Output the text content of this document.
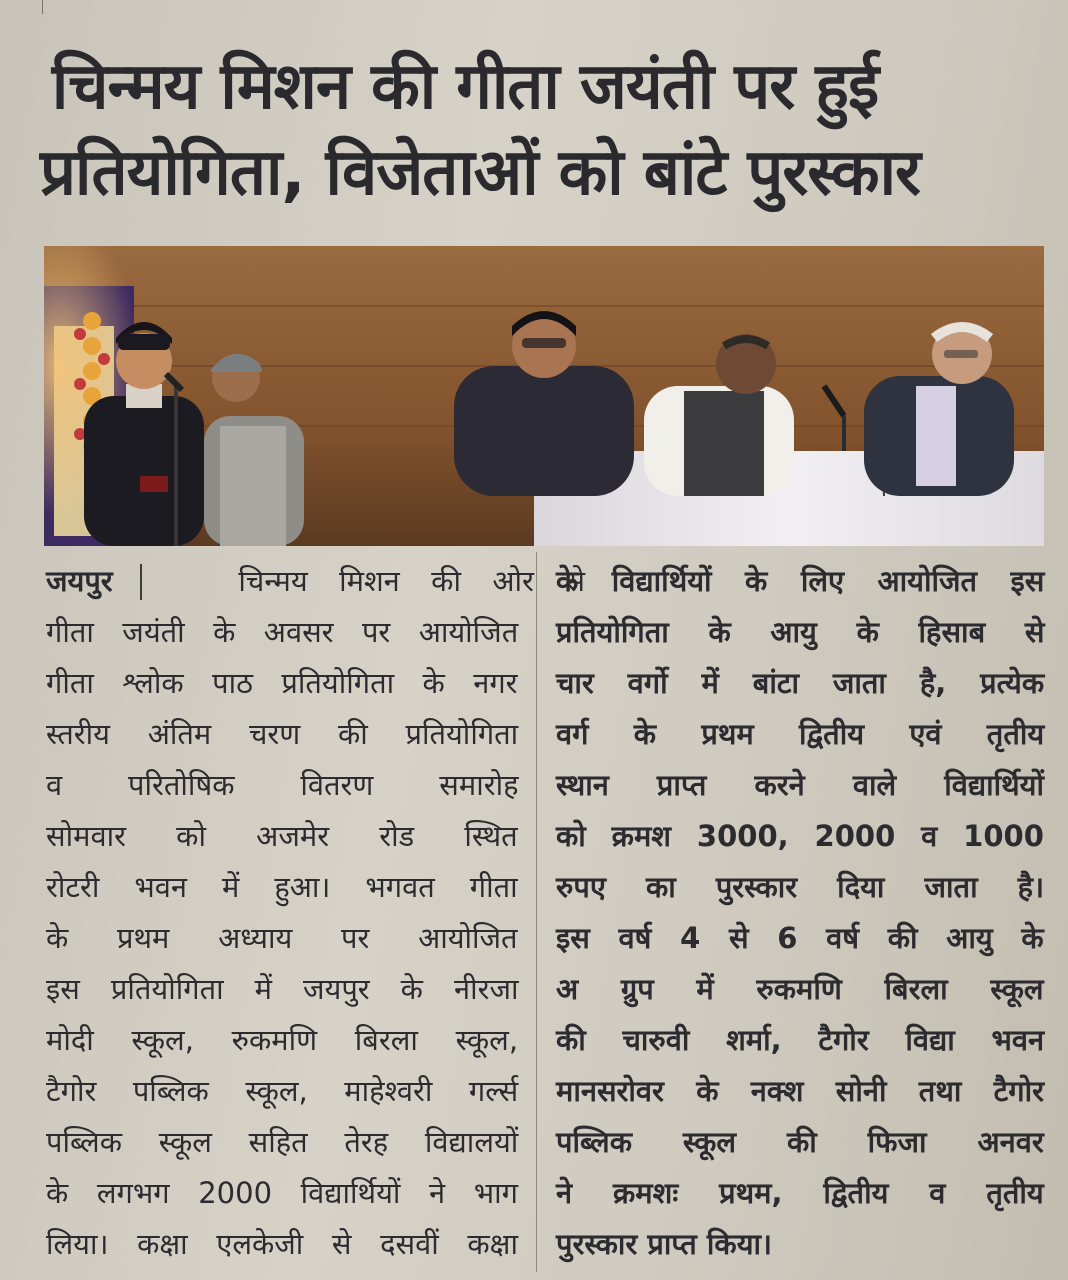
चिन्मय मिशन की गीता जयंती पर हुई
प्रतियोगिता, विजेताओं को बांटे पुरस्कार
जयपुर	चिन्मय मिशन की ओर से
गीता जयंती के अवसर पर आयोजित
गीता श्लोक पाठ प्रतियोगिता के नगर
स्तरीय अंतिम चरण की प्रतियोगिता
व परितोषिक वितरण समारोह
सोमवार को अजमेर रोड स्थित
रोटरी भवन में हुआ। भगवत गीता
के प्रथम अध्याय पर आयोजित
इस प्रतियोगिता में जयपुर के नीरजा
मोदी स्कूल, रुकमणि बिरला स्कूल,
टैगोर पब्लिक स्कूल, माहेश्वरी गर्ल्स
पब्लिक स्कूल सहित तेरह विद्यालयों
के लगभग 2000 विद्यार्थियों ने भाग
लिया। कक्षा एलकेजी से दसवीं कक्षा
के विद्यार्थियों के लिए आयोजित इस
प्रतियोगिता के आयु के हिसाब से
चार वर्गो में बांटा जाता है, प्रत्येक
वर्ग के प्रथम द्वितीय एवं तृतीय
स्थान प्राप्त करने वाले विद्यार्थियों
को क्रमश 3000, 2000 व 1000
रुपए का पुरस्कार दिया जाता है।
इस वर्ष 4 से 6 वर्ष की आयु के
अ ग्रुप में रुकमणि बिरला स्कूल
की चारुवी शर्मा, टैगोर विद्या भवन
मानसरोवर के नक्श सोनी तथा टैगोर
पब्लिक स्कूल की फिजा अनवर
ने क्रमशः प्रथम, द्वितीय व तृतीय
पुरस्कार प्राप्त किया।
